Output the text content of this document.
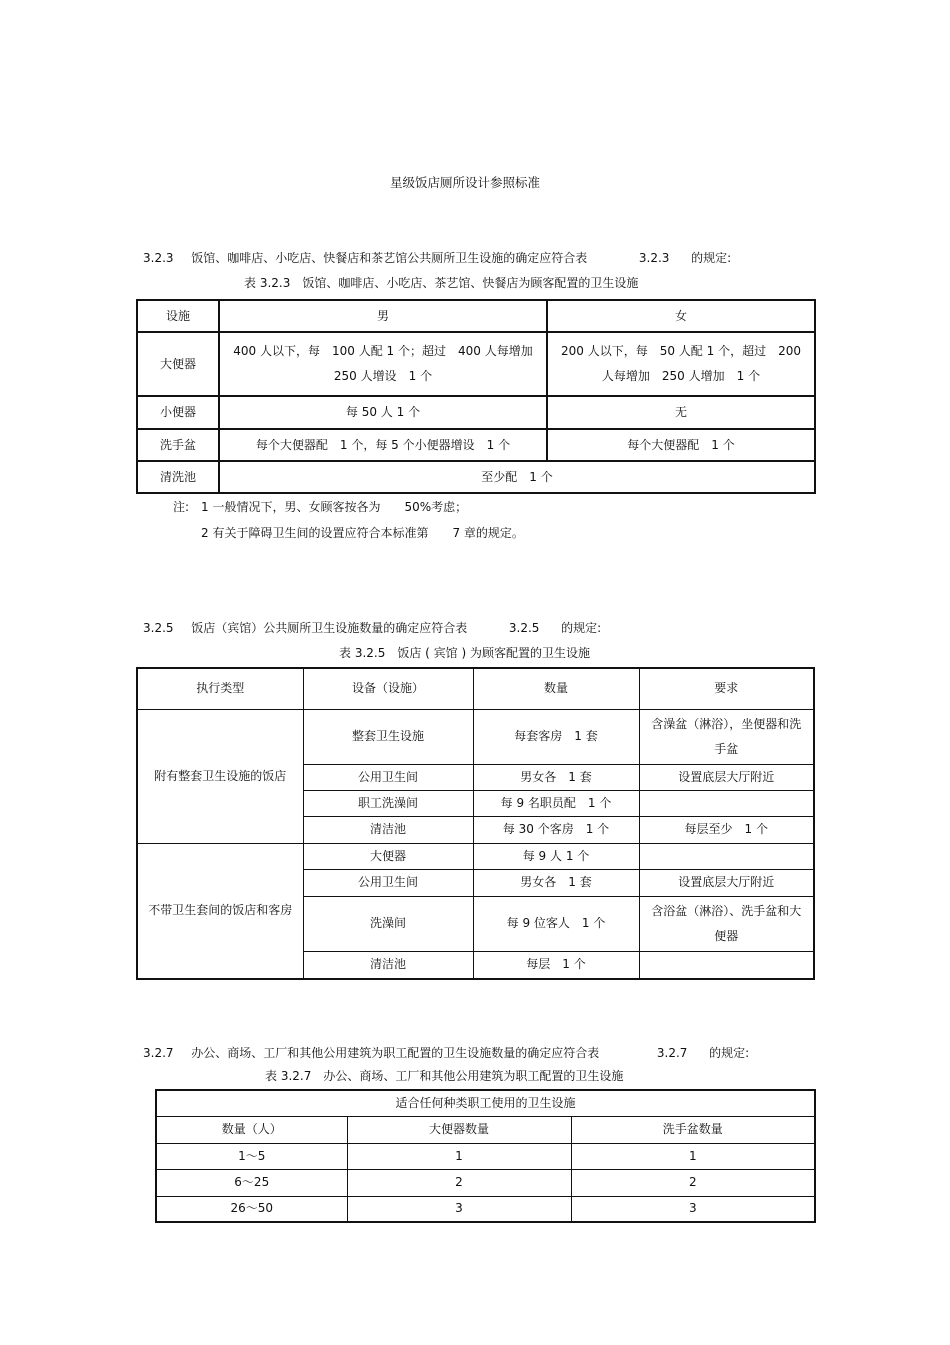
星级饭店厕所设计参照标准
3.2.3 饭馆、咖啡店、小吃店、快餐店和茶艺馆公共厕所卫生设施的确定应符合表	3.2.3 的规定:
表 3.2.3　饭馆、咖啡店、小吃店、茶艺馆、快餐店为顾客配置的卫生设施
设施	男	女
大便器	400 人以下，每　100 人配 1 个；超过　400 人每增加 250 人增设　1 个	200 人以下，每　50 人配 1 个，超过　200 人每增加　250 人增加　1 个
小便器	每 50 人 1 个	无
洗手盆	每个大便器配　1 个，每 5 个小便器增设　1 个	每个大便器配　1 个
清洗池	至少配　1 个	
注:　1 一般情况下，男、女顾客按各为　　50%考虑；
2 有关于障碍卫生间的设置应符合本标准第　　7 章的规定。
3.2.5 饭店（宾馆）公共厕所卫生设施数量的确定应符合表	3.2.5 的规定:
表 3.2.5　饭店 ( 宾馆 ) 为顾客配置的卫生设施
执行类型	设备（设施）	数量	要求
附有整套卫生设施的饭店	整套卫生设施	每套客房　1 套	含澡盆（淋浴），坐便器和洗手盆
	公用卫生间	男女各　1 套	设置底层大厅附近
	职工洗澡间	每 9 名职员配　1 个	
	清洁池	每 30 个客房　1 个	每层至少　1 个
不带卫生套间的饭店和客房	大便器	每 9 人 1 个	
	公用卫生间	男女各　1 套	设置底层大厅附近
	洗澡间	每 9 位客人　1 个	含浴盆（淋浴）、洗手盆和大便器
	清洁池	每层　1 个	
3.2.7 办公、商场、工厂和其他公用建筑为职工配置的卫生设施数量的确定应符合表	3.2.7 的规定:
表 3.2.7　办公、商场、工厂和其他公用建筑为职工配置的卫生设施
适合任何种类职工使用的卫生设施		
数量（人）	大便器数量	洗手盆数量
1～5	1	1
6～25	2	2
26～50	3	3
